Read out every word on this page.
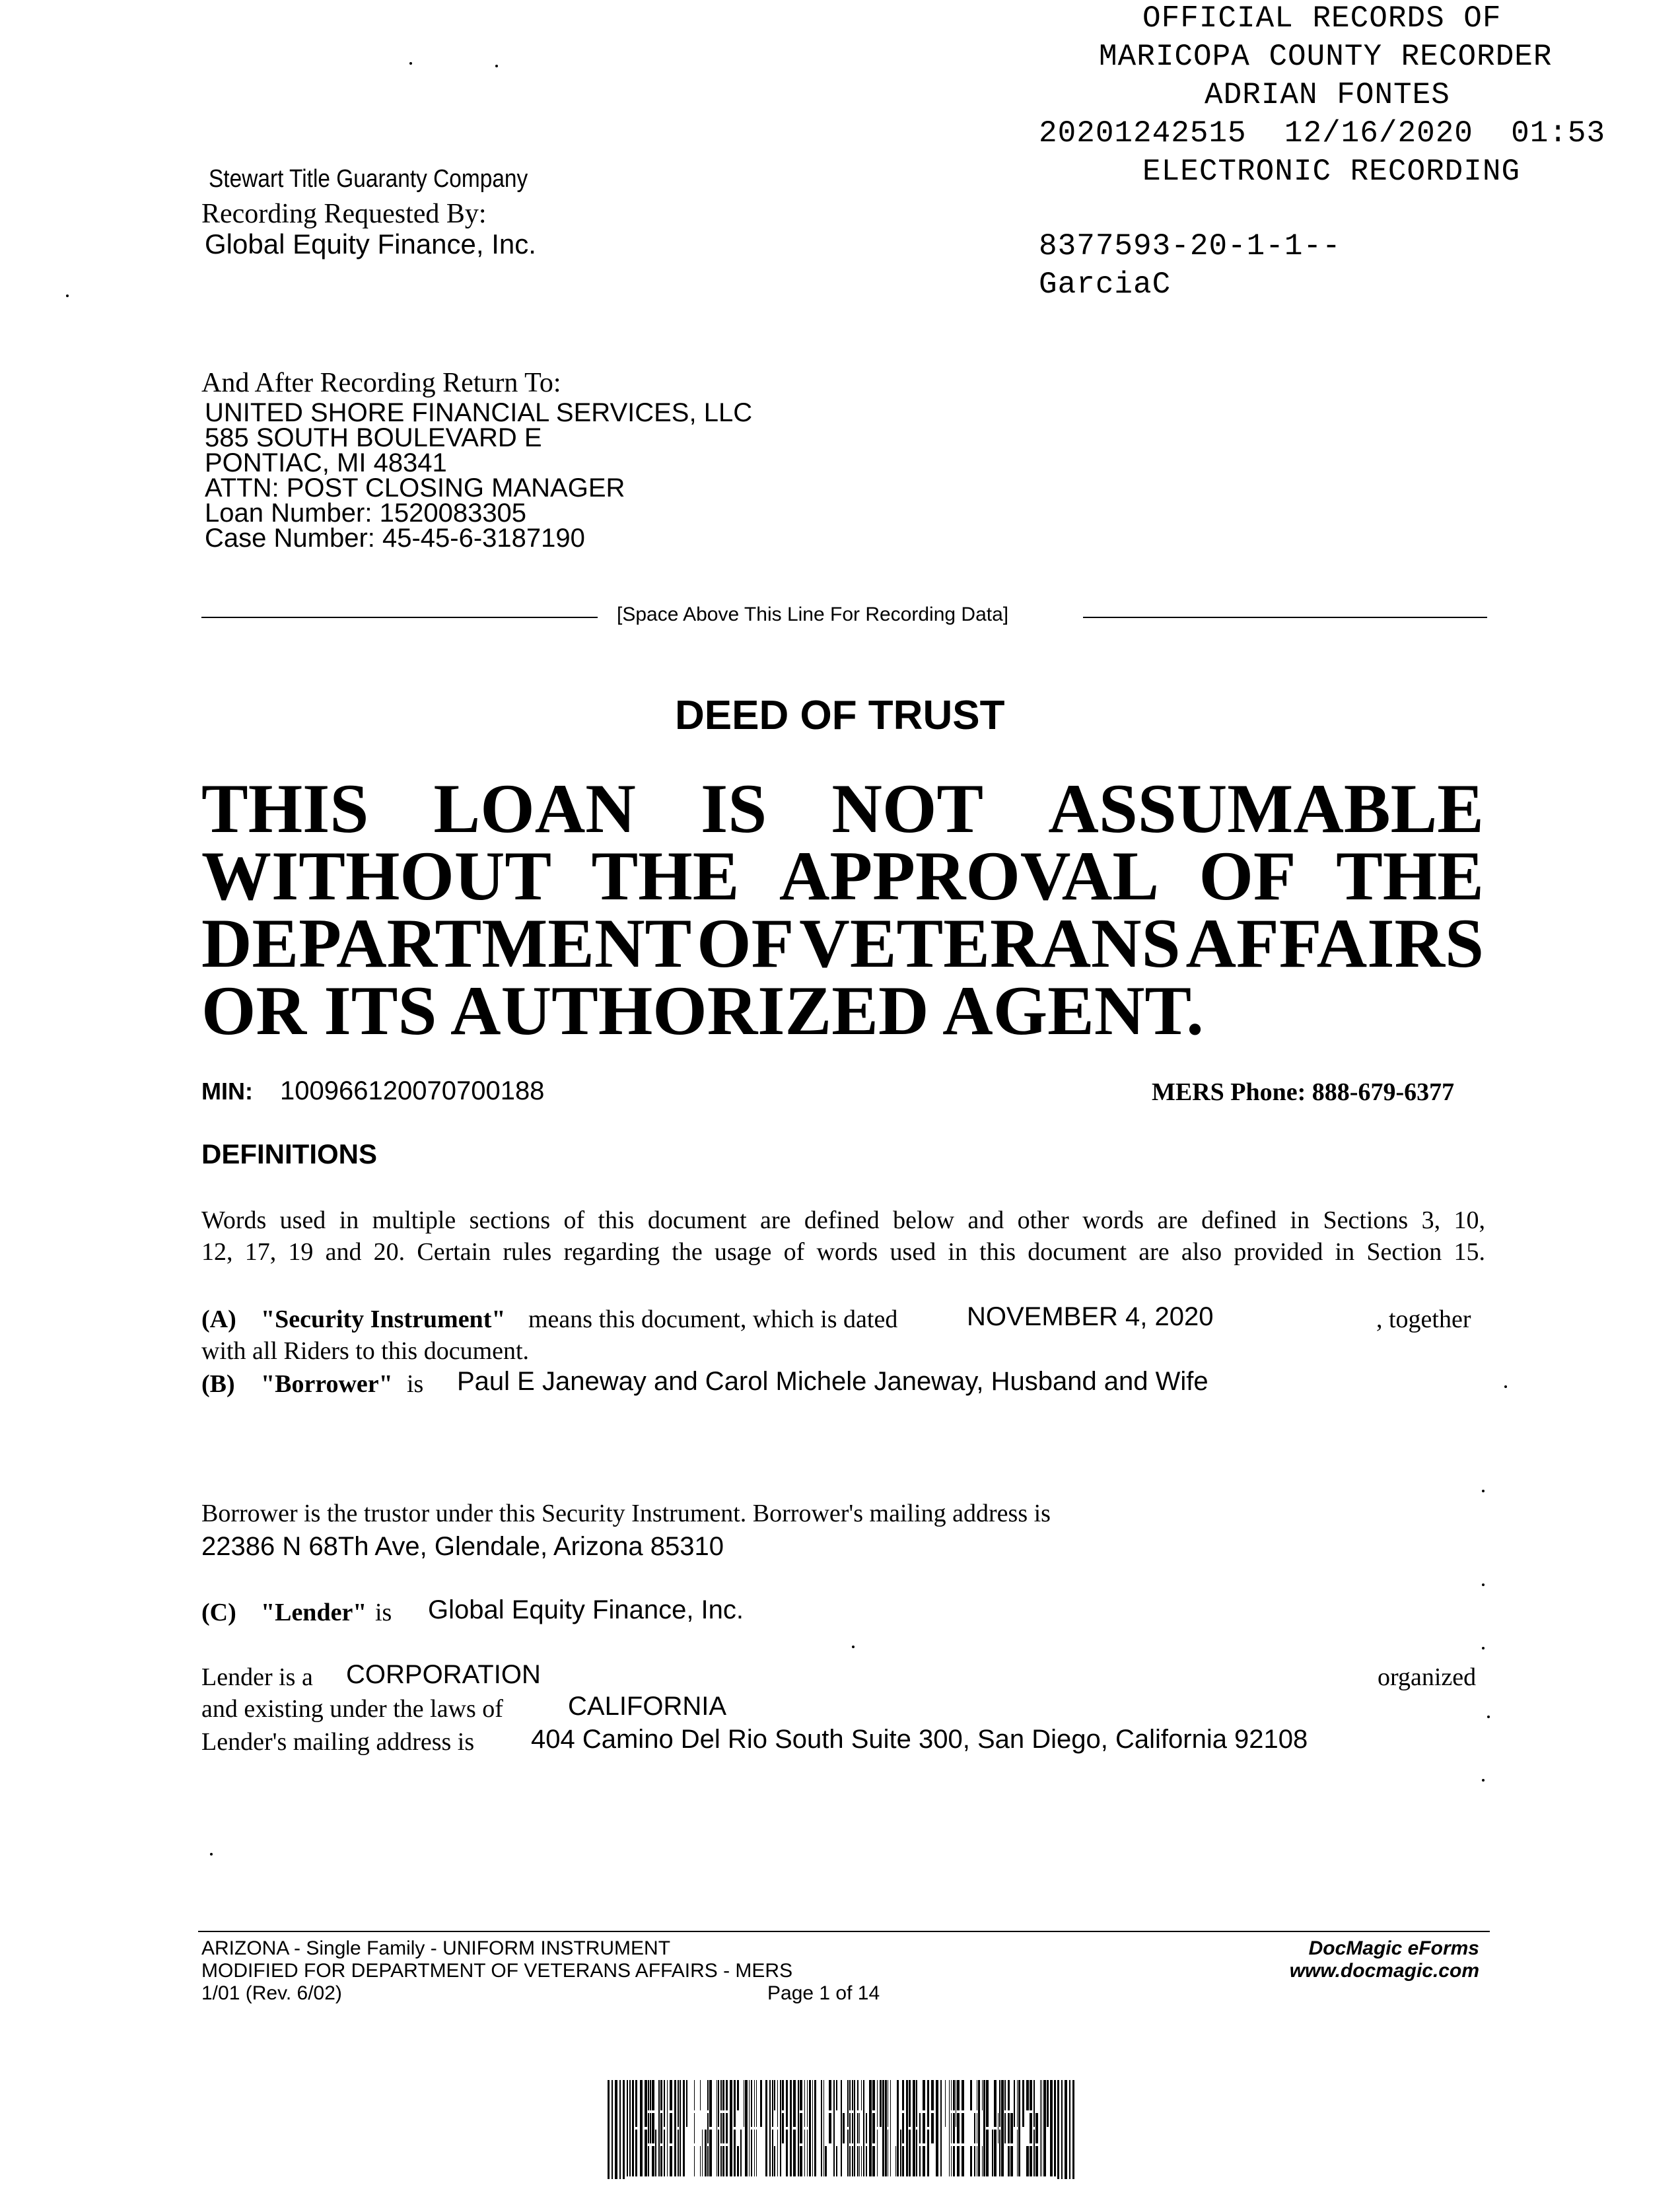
OFFICIAL RECORDS OF
MARICOPA COUNTY RECORDER
ADRIAN FONTES
20201242515  12/16/2020  01:53
ELECTRONIC RECORDING
8377593-20-1-1--
GarciaC
Stewart Title Guaranty Company
Recording Requested By:
Global Equity Finance, Inc.
And After Recording Return To:
UNITED SHORE FINANCIAL SERVICES, LLC
585 SOUTH BOULEVARD E
PONTIAC, MI 48341
ATTN: POST CLOSING MANAGER
Loan Number: 1520083305
Case Number: 45-45-6-3187190
[Space Above This Line For Recording Data]
DEED OF TRUST
THIS LOAN IS NOT ASSUMABLE
WITHOUT THE APPROVAL OF THE
DEPARTMENT OF VETERANS AFFAIRS
OR ITS AUTHORIZED AGENT.
MIN: 100966120070700188	MERS Phone: 888-679-6377
DEFINITIONS
Words used in multiple sections of this document are defined below and other words are defined in Sections 3, 10,
12, 17, 19 and 20. Certain rules regarding the usage of words used in this document are also provided in Section 15.
(A) "Security Instrument" means this document, which is dated	NOVEMBER 4, 2020	, together
with all Riders to this document.
(B) "Borrower" is Paul E Janeway and Carol Michele Janeway, Husband and Wife
Borrower is the trustor under this Security Instrument. Borrower's mailing address is
22386 N 68Th Ave, Glendale, Arizona 85310
(C) "Lender" is Global Equity Finance, Inc.
Lender is a CORPORATION	organized
and existing under the laws of CALIFORNIA
Lender's mailing address is 404 Camino Del Rio South Suite 300, San Diego, California 92108
ARIZONA - Single Family - UNIFORM INSTRUMENT
MODIFIED FOR DEPARTMENT OF VETERANS AFFAIRS - MERS
1/01 (Rev. 6/02)	Page 1 of 14
DocMagic eForms
www.docmagic.com
